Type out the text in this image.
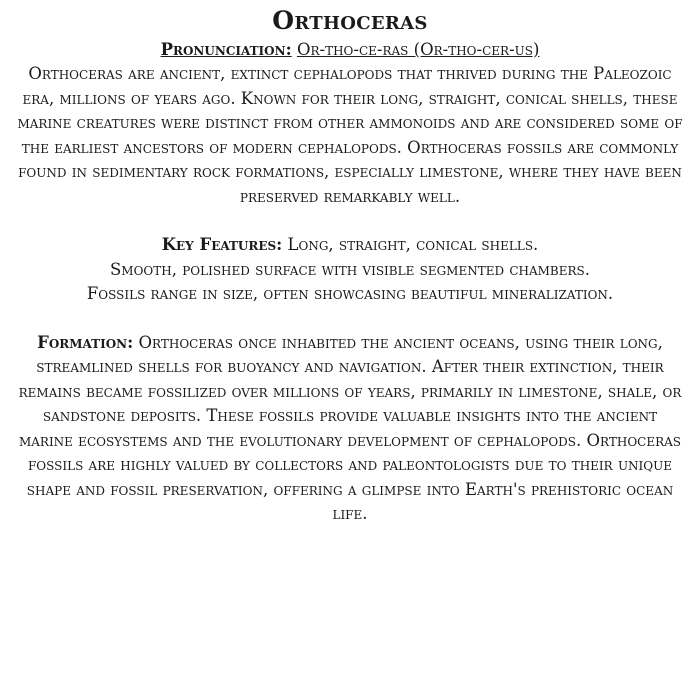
Orthoceras
Pronunciation: Or-tho-ce-ras (Or-tho-cer-us)

Orthoceras are ancient, extinct cephalopods that thrived during the Paleozoic era, millions of years ago. Known for their long, straight, conical shells, these marine creatures were distinct from other ammonoids and are considered some of the earliest ancestors of modern cephalopods. Orthoceras fossils are commonly found in sedimentary rock formations, especially limestone, where they have been preserved remarkably well.

Key Features: Long, straight, conical shells.
Smooth, polished surface with visible segmented chambers.
Fossils range in size, often showcasing beautiful mineralization.

Formation: Orthoceras once inhabited the ancient oceans, using their long, streamlined shells for buoyancy and navigation. After their extinction, their remains became fossilized over millions of years, primarily in limestone, shale, or sandstone deposits. These fossils provide valuable insights into the ancient marine ecosystems and the evolutionary development of cephalopods. Orthoceras fossils are highly valued by collectors and paleontologists due to their unique shape and fossil preservation, offering a glimpse into Earth's prehistoric ocean life.
